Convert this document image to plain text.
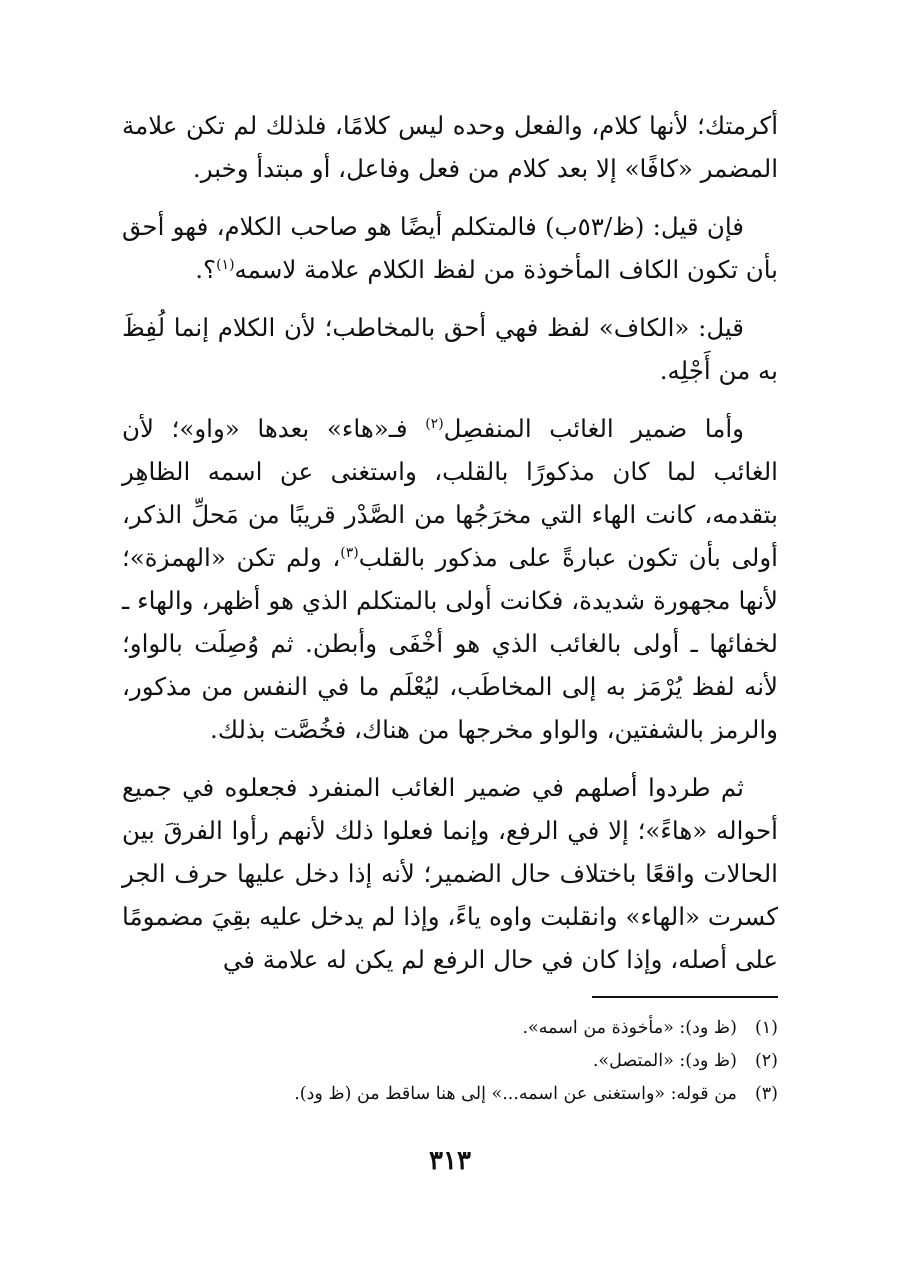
أكرمتك؛ لأنها كلام، والفعل وحده ليس كلامًا، فلذلك لم تكن علامة المضمر «كافًا» إلا بعد كلام من فعل وفاعل، أو مبتدأ وخبر.

فإن قيل: (ظ/٥٣ب) فالمتكلم أيضًا هو صاحب الكلام، فهو أحق بأن تكون الكاف المأخوذة من لفظ الكلام علامة لاسمه$^{(١)}$؟.

قيل: «الكاف» لفظ فهي أحق بالمخاطب؛ لأن الكلام إنما لُفِظَ به من أَجْلِه.

وأما ضمير الغائب المنفصِل$^{(٢)}$ فـ«هاء» بعدها «واو»؛ لأن الغائب لما كان مذكورًا بالقلب، واستغنى عن اسمه الظاهِر بتقدمه، كانت الهاء التي مخرَجُها من الصَّدْر قريبًا من مَحلِّ الذكر، أولى بأن تكون عبارةً على مذكور بالقلب$^{(٣)}$، ولم تكن «الهمزة»؛ لأنها مجهورة شديدة، فكانت أولى بالمتكلم الذي هو أظهر، والهاء ـ لخفائها ـ أولى بالغائب الذي هو أخْفَى وأبطن. ثم وُصِلَت بالواو؛ لأنه لفظ يُرْمَز به إلى المخاطَب، ليُعْلَم ما في النفس من مذكور، والرمز بالشفتين، والواو مخرجها من هناك، فخُصَّت بذلك.

ثم طردوا أصلهم في ضمير الغائب المنفرد فجعلوه في جميع أحواله «هاءً»؛ إلا في الرفع، وإنما فعلوا ذلك لأنهم رأوا الفرقَ بين الحالات واقعًا باختلاف حال الضمير؛ لأنه إذا دخل عليها حرف الجر كسرت «الهاء» وانقلبت واوه ياءً، وإذا لم يدخل عليه بقِيَ مضمومًا على أصله، وإذا كان في حال الرفع لم يكن له علامة في

(١)(ظ ود): «مأخوذة من اسمه».
(٢)(ظ ود): «المتصل».
(٣)من قوله: «واستغنى عن اسمه...» إلى هنا ساقط من (ظ ود).
٣١٣
